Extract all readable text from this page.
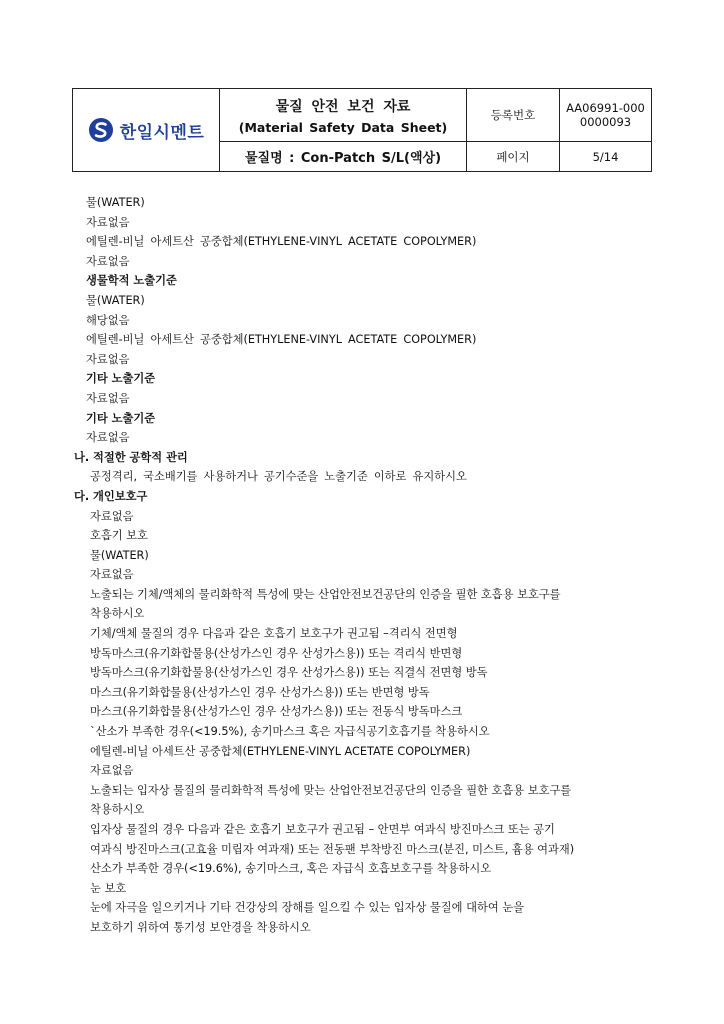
한일시멘트
물질 안전 보건 자료
(Material Safety Data Sheet)
물질명 : Con-Patch S/L(액상)
등록번호
페이지
AA06991-000
0000093
5/14
물(WATER)
자료없음
에틸렌-비닐 아세트산 공중합체(ETHYLENE-VINYL ACETATE COPOLYMER)
자료없음
생물학적 노출기준
물(WATER)
해당없음
에틸렌-비닐 아세트산 공중합체(ETHYLENE-VINYL ACETATE COPOLYMER)
자료없음
기타 노출기준
자료없음
기타 노출기준
자료없음
나. 적절한 공학적 관리
공정격리, 국소배기를 사용하거나 공기수준을 노출기준 이하로 유지하시오
다. 개인보호구
자료없음
호흡기 보호
물(WATER)
자료없음
노출되는 기체/액체의 물리화학적 특성에 맞는 산업안전보건공단의 인증을 필한 호흡용 보호구를
착용하시오
기체/액체 물질의 경우 다음과 같은 호흡기 보호구가 권고됨 –격리식 전면형
방독마스크(유기화합물용(산성가스인 경우 산성가스용)) 또는 격리식 반면형
방독마스크(유기화합물용(산성가스인 경우 산성가스용)) 또는 직결식 전면형 방독
마스크(유기화합물용(산성가스인 경우 산성가스용)) 또는 반면형 방독
마스크(유기화합물용(산성가스인 경우 산성가스용)) 또는 전동식 방독마스크
`산소가 부족한 경우(<19.5%), 송기마스크 혹은 자급식공기호흡기를 착용하시오
에틸렌-비닐 아세트산 공중합체(ETHYLENE-VINYL ACETATE COPOLYMER)
자료없음
노출되는 입자상 물질의 물리화학적 특성에 맞는 산업안전보건공단의 인증을 필한 호흡용 보호구를
착용하시오
입자상 물질의 경우 다음과 같은 호흡기 보호구가 권고됨 – 안면부 여과식 방진마스크 또는 공기
여과식 방진마스크(고효율 미립자 여과재) 또는 전동팬 부착방진 마스크(분진, 미스트, 흄용 여과재)
산소가 부족한 경우(<19.6%), 송기마스크, 혹은 자급식 호흡보호구를 착용하시오
눈 보호
눈에 자극을 일으키거나 기타 건강상의 장해를 일으킬 수 있는 입자상 물질에 대하여 눈을
보호하기 위하여 통기성 보안경을 착용하시오
